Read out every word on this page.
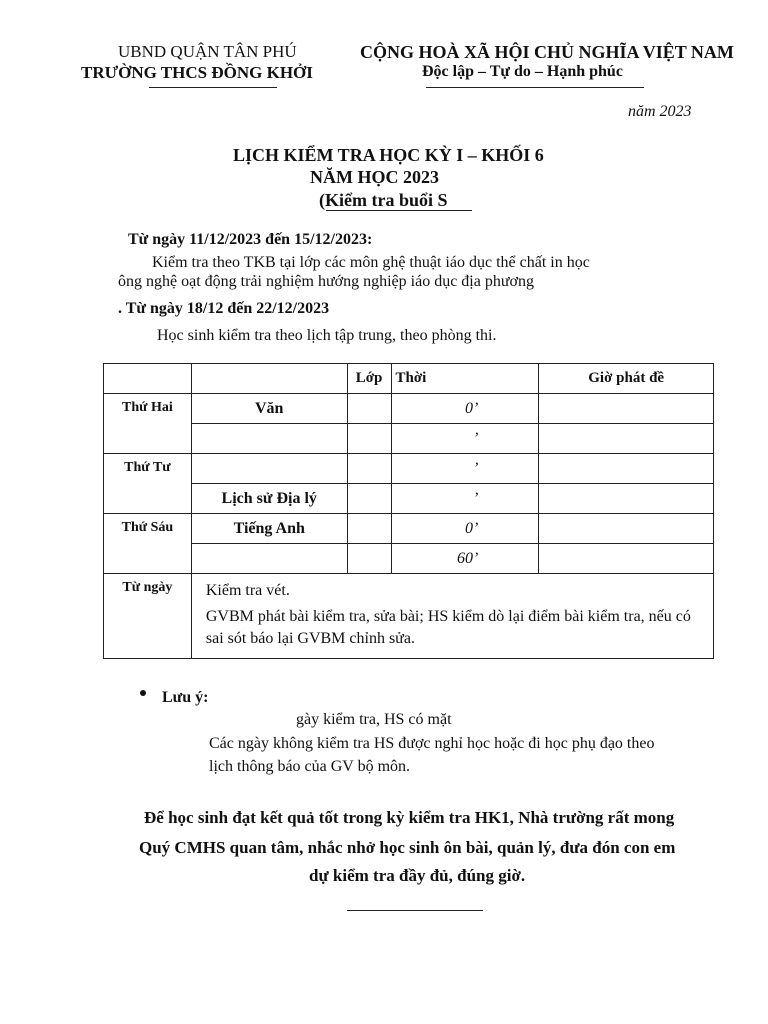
UBND QUẬN TÂN PHÚ
TRƯỜNG THCS ĐỒNG KHỞI
CỘNG HOÀ XÃ HỘI CHỦ NGHĨA VIỆT NAM
Độc lập – Tự do – Hạnh phúc
năm 2023
LỊCH KIỂM TRA HỌC KỲ I – KHỐI 6
NĂM HỌC 2023
(Kiểm tra buổi S
Từ ngày 11/12/2023 đến 15/12/2023:
Kiểm tra theo TKB tại lớp các môn ghệ thuật iáo dục thể chất in học
ông nghệ oạt động trải nghiệm hướng nghiệp iáo dục địa phương
. Từ ngày 18/12 đến 22/12/2023
Học sinh kiểm tra theo lịch tập trung, theo phòng thi.
		Lớp	Thời	Giờ phát đề
Thứ Hai	Văn		0’	
			’	
Thứ Tư			’	
	Lịch sử Địa lý		’	
Thứ Sáu	Tiếng Anh		0’	
			60’	
Từ ngày	Kiểm tra vét.

GVBM phát bài kiểm tra, sửa bài; HS kiểm dò lại điểm bài kiểm tra, nếu có sai sót báo lại GVBM chỉnh sửa.			

Lưu ý:
gày kiểm tra, HS có mặt
Các ngày không kiểm tra HS được nghỉ học hoặc đi học phụ đạo theo
lịch thông báo của GV bộ môn.
Để học sinh đạt kết quả tốt trong kỳ kiểm tra HK1, Nhà trường rất mong
Quý CMHS quan tâm, nhắc nhở học sinh ôn bài, quản lý, đưa đón con em
dự kiểm tra đầy đủ, đúng giờ.
